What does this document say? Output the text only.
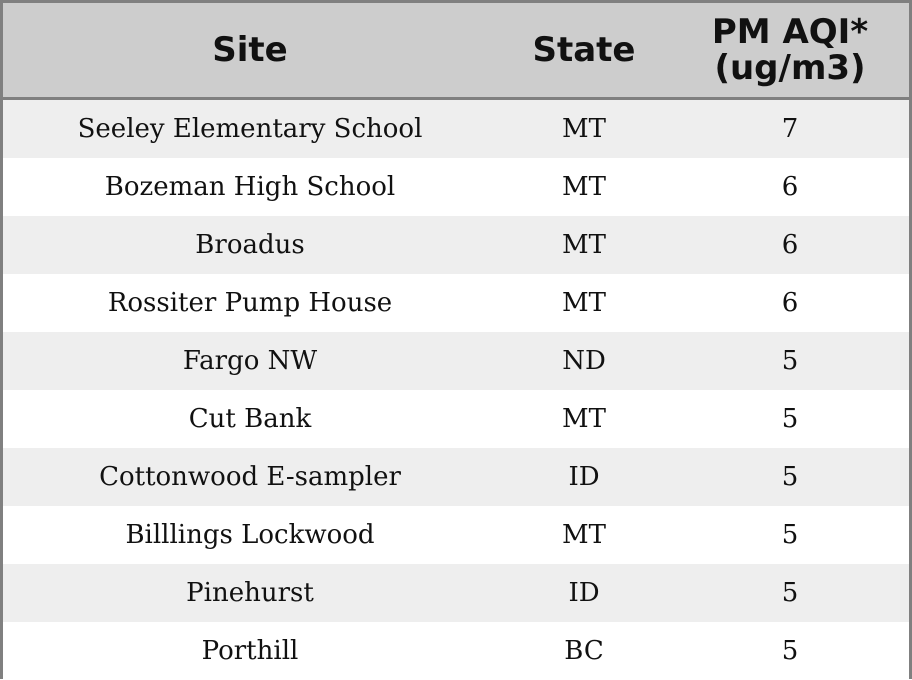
Site	State	PM AQI*
(ug/m3)

Seeley Elementary School	MT	7
Bozeman High School	MT	6
Broadus	MT	6
Rossiter Pump House	MT	6
Fargo NW	ND	5
Cut Bank	MT	5
Cottonwood E-sampler	ID	5
Billlings Lockwood	MT	5
Pinehurst	ID	5
Porthill	BC	5
